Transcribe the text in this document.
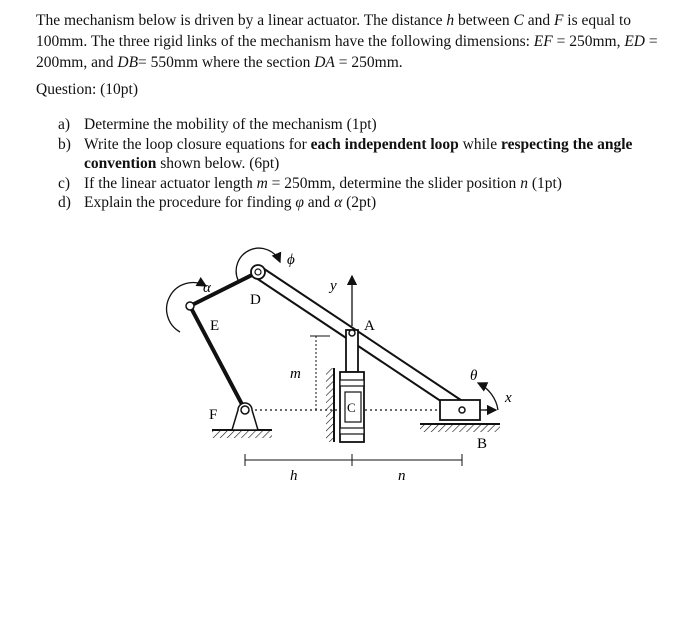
The mechanism below is driven by a linear actuator. The distance h between C and F is equal to 100mm. The three rigid links of the mechanism have the following dimensions: EF = 250mm, ED = 200mm, and DB= 550mm where the section DA = 250mm.
Question: (10pt)
a) Determine the mobility of the mechanism (1pt)
b) Write the loop closure equations for each independent loop while respecting the angle convention shown below. (6pt)
c) If the linear actuator length m = 250mm, determine the slider position n (1pt)
d) Explain the procedure for finding φ and α (2pt)
α
ϕ
D
E	A
y
m	θ
x
F	C
B
h	n
